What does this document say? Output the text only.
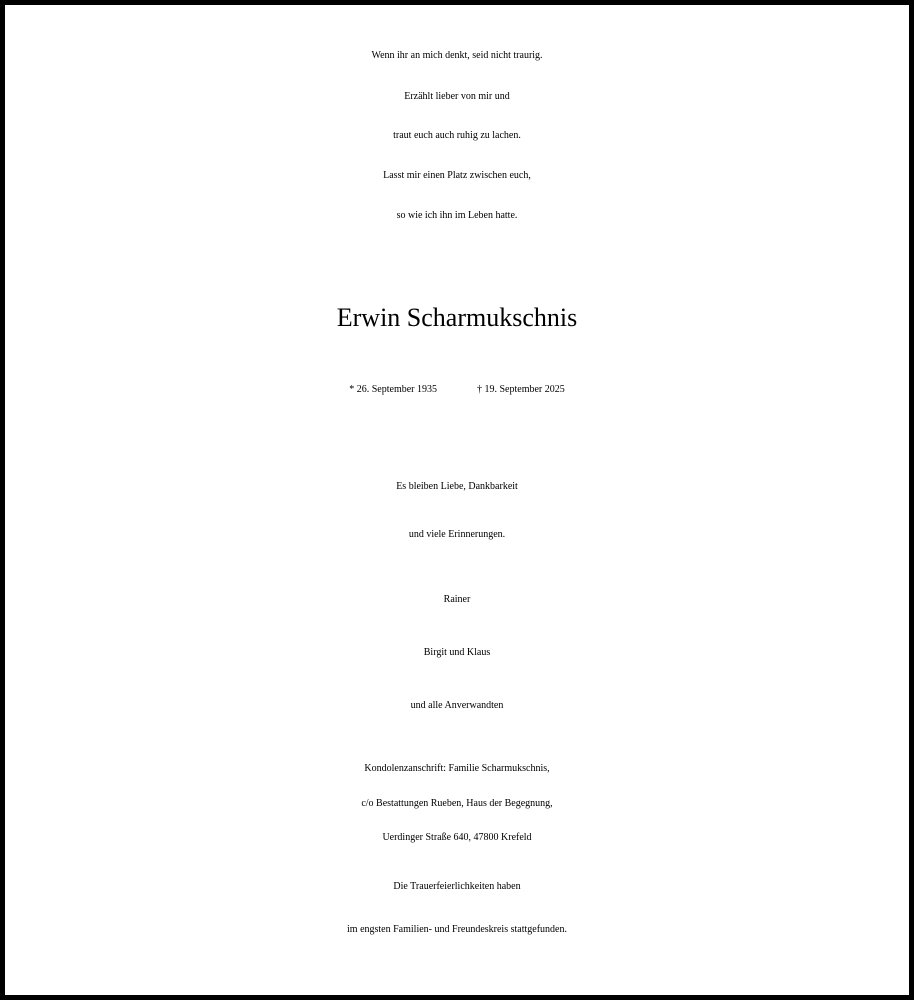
Wenn ihr an mich denkt, seid nicht traurig.
Erzählt lieber von mir und
traut euch auch ruhig zu lachen.
Lasst mir einen Platz zwischen euch,
so wie ich ihn im Leben hatte.
Erwin Scharmukschnis
* 26. September 1935	† 19. September 2025
Es bleiben Liebe, Dankbarkeit
und viele Erinnerungen.
Rainer
Birgit und Klaus
und alle Anverwandten
Kondolenzanschrift: Familie Scharmukschnis,
c/o Bestattungen Rueben, Haus der Begegnung,
Uerdinger Straße 640, 47800 Krefeld
Die Trauerfeierlichkeiten haben
im engsten Familien- und Freundeskreis stattgefunden.
